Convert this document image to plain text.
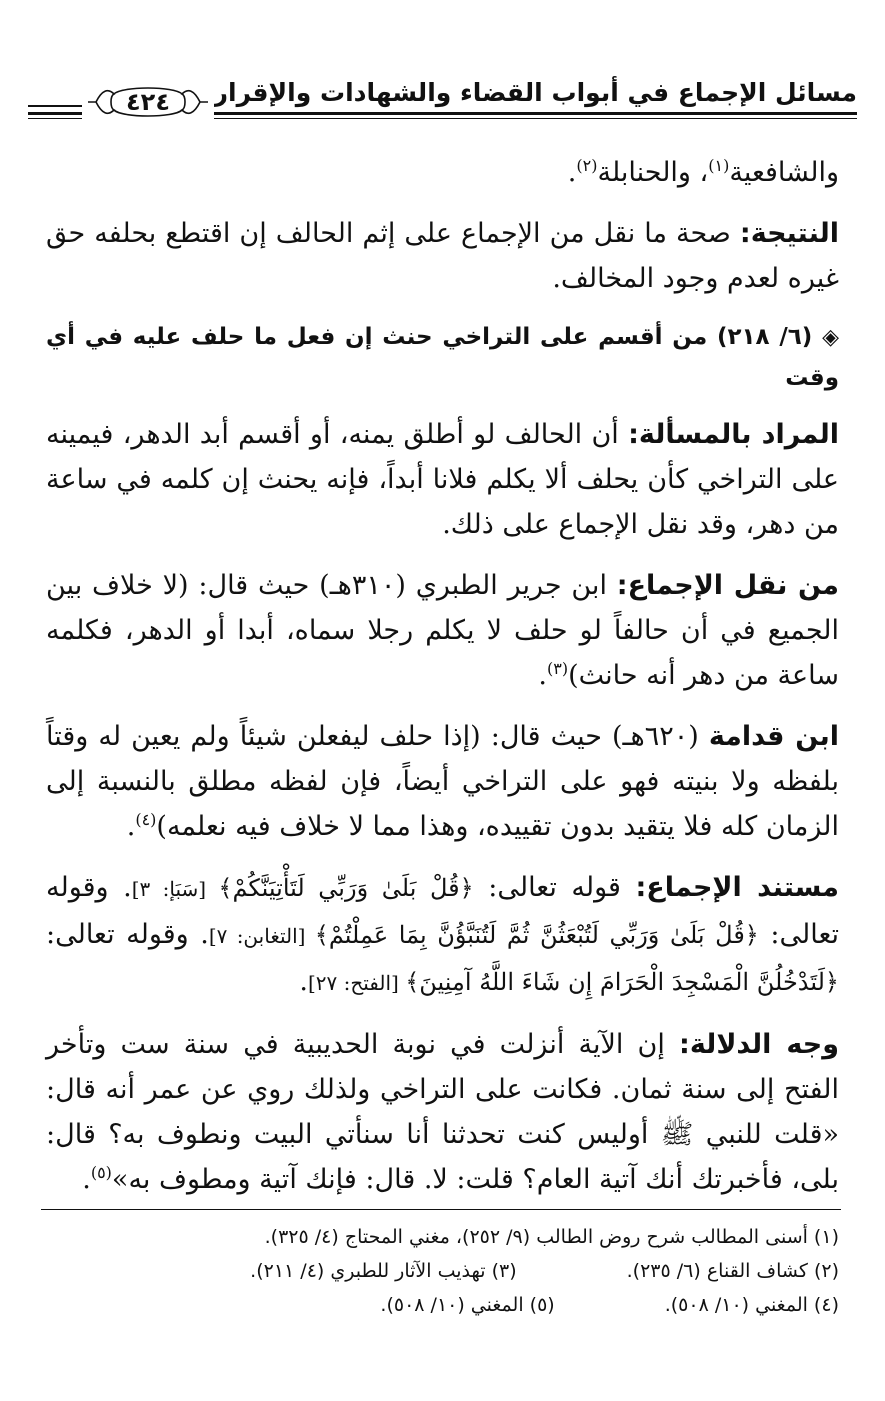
مسائل الإجماع في أبواب القضاء والشهادات والإقرار
٤٢٤

والشافعية$^{(١)}$، والحنابلة$^{(٢)}$.

النتيجة: صحة ما نقل من الإجماع على إثم الحالف إن اقتطع بحلفه حق غيره لعدم وجود المخالف.

◈ (٦/ ٢١٨) من أقسم على التراخي حنث إن فعل ما حلف عليه في أي وقت

المراد بالمسألة: أن الحالف لو أطلق يمنه، أو أقسم أبد الدهر، فيمينه على التراخي كأن يحلف ألا يكلم فلانا أبداً، فإنه يحنث إن كلمه في ساعة من دهر، وقد نقل الإجماع على ذلك.

من نقل الإجماع: ابن جرير الطبري (٣١٠هـ) حيث قال: (لا خلاف بين الجميع في أن حالفاً لو حلف لا يكلم رجلا سماه، أبدا أو الدهر، فكلمه ساعة من دهر أنه حانث)$^{(٣)}$.

ابن قدامة (٦٢٠هـ) حيث قال: (إذا حلف ليفعلن شيئاً ولم يعين له وقتاً بلفظه ولا بنيته فهو على التراخي أيضاً، فإن لفظه مطلق بالنسبة إلى الزمان كله فلا يتقيد بدون تقييده، وهذا مما لا خلاف فيه نعلمه)$^{(٤)}$.

مستند الإجماع: قوله تعالى: ﴿قُلْ بَلَىٰ وَرَبِّي لَتَأْتِيَنَّكُمْ﴾ [سَبَإ: ٣]. وقوله تعالى: ﴿قُلْ بَلَىٰ وَرَبِّي لَتُبْعَثُنَّ ثُمَّ لَتُنَبَّؤُنَّ بِمَا عَمِلْتُمْ﴾ [التغابن: ٧]. وقوله تعالى: ﴿لَتَدْخُلُنَّ الْمَسْجِدَ الْحَرَامَ إِن شَاءَ اللَّهُ آمِنِينَ﴾ [الفتح: ٢٧].

وجه الدلالة: إن الآية أنزلت في نوبة الحديبية في سنة ست وتأخر الفتح إلى سنة ثمان. فكانت على التراخي ولذلك روي عن عمر أنه قال: «قلت للنبي ﷺ أوليس كنت تحدثنا أنا سنأتي البيت ونطوف به؟ قال: بلى، فأخبرتك أنك آتية العام؟ قلت: لا. قال: فإنك آتية ومطوف به»$^{(٥)}$.

(١) أسنى المطالب شرح روض الطالب (٩/ ٢٥٢)، مغني المحتاج (٤/ ٣٢٥).
(٢) كشاف القناع (٦/ ٢٣٥).
(٣) تهذيب الآثار للطبري (٤/ ٢١١).
(٤) المغني (١٠/ ٥٠٨).
(٥) المغني (١٠/ ٥٠٨).
